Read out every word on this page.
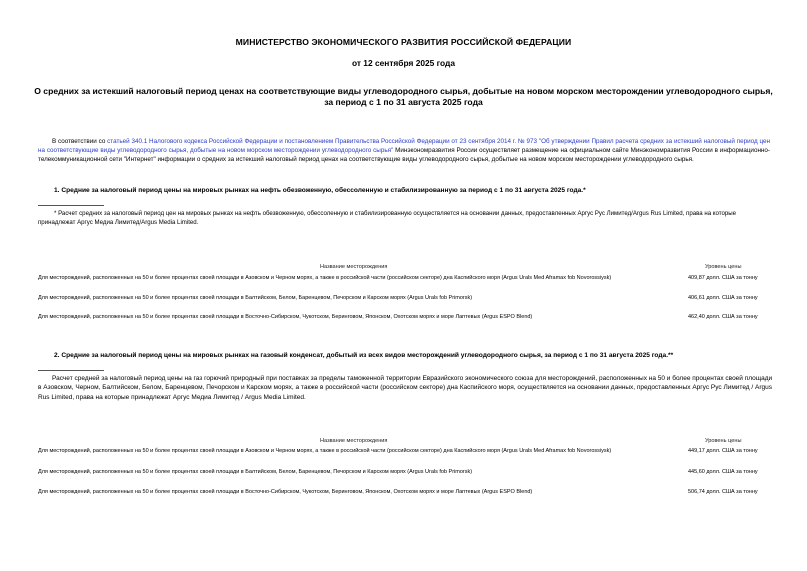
МИНИСТЕРСТВО ЭКОНОМИЧЕСКОГО РАЗВИТИЯ РОССИЙСКОЙ ФЕДЕРАЦИИ
от 12 сентября 2025 года
О средних за истекший налоговый период ценах на соответствующие виды углеводородного сырья, добытые на новом морском месторождении углеводородного сырья, за период с 1 по 31 августа 2025 года
В соответствии со статьей 340.1 Налогового кодекса Российской Федерации и постановлением Правительства Российской Федерации от 23 сентября 2014 г. № 973 "Об утверждении Правил расчета средних за истекший налоговый период цен на соответствующие виды углеводородного сырья, добытые на новом морском месторождении углеводородного сырья" Минэкономразвития России осуществляет размещение на официальном сайте Минэкономразвития России в информационно-телекоммуникационной сети "Интернет" информации о средних за истекший налоговый период ценах на соответствующие виды углеводородного сырья, добытые на новом морском месторождении углеводородного сырья.
1. Средние за налоговый период цены на мировых рынках на нефть обезвоженную, обессоленную и стабилизированную за период с 1 по 31 августа 2025 года.*
* Расчет средних за налоговый период цен на мировых рынках на нефть обезвоженную, обессоленную и стабилизированную осуществляется на основании данных, предоставленных Аргус Рус Лимитед/Argus Rus Limited, права на которые принадлежат Аргус Медиа Лимитед/Argus Media Limited.
Название месторождения	Уровень цены
Для месторождений, расположенных на 50 и более процентах своей площади в Азовском и Черном морях, а также в российской части (российском секторе) дна Каспийского моря (Argus Urals Med Aframax fob Novorossiysk)	409,87 долл. США за тонну
Для месторождений, расположенных на 50 и более процентах своей площади в Балтийском, Белом, Баренцевом, Печорском и Карском морях (Argus Urals fob Primorsk)	406,61 долл. США за тонну
Для месторождений, расположенных на 50 и более процентах своей площади в Восточно-Сибирском, Чукотском, Беринговом, Японском, Охотском морях и море Лаптевых (Argus ESPO Blend)	462,40 долл. США за тонну
2. Средние за налоговый период цены на мировых рынках на газовый конденсат, добытый из всех видов месторождений углеводородного сырья, за период с 1 по 31 августа 2025 года.**
Расчет средней за налоговый период цены на газ горючий природный при поставках за пределы таможенной территории Евразийского экономического союза для месторождений, расположенных на 50 и более процентах своей площади в Азовском, Черном, Балтийском, Белом, Баренцевом, Печорском и Карском морях, а также в российской части (российском секторе) дна Каспийского моря, осуществляется на основании данных, предоставленных Аргус Рус Лимитед / Argus Rus Limited, права на которые принадлежат Аргус Медиа Лимитед / Argus Media Limited.
Название месторождения	Уровень цены
Для месторождений, расположенных на 50 и более процентах своей площади в Азовском и Черном морях, а также в российской части (российском секторе) дна Каспийского моря (Argus Urals Med Aframax fob Novorossiysk)	449,17 долл. США за тонну
Для месторождений, расположенных на 50 и более процентах своей площади в Балтийском, Белом, Баренцевом, Печорском и Карском морях (Argus Urals fob Primorsk)	445,60 долл. США за тонну
Для месторождений, расположенных на 50 и более процентах своей площади в Восточно-Сибирском, Чукотском, Беринговом, Японском, Охотском морях и море Лаптевых (Argus ESPO Blend)	506,74 долл. США за тонну
